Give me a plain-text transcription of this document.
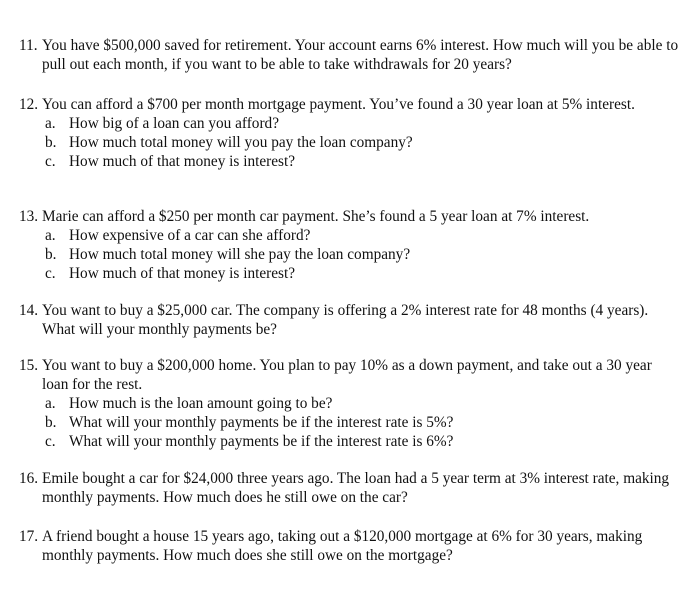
11. You have $500,000 saved for retirement. Your account earns 6% interest. How much will you be able to pull out each month, if you want to be able to take withdrawals for 20 years?
12. You can afford a $700 per month mortgage payment. You’ve found a 30 year loan at 5% interest.
a. How big of a loan can you afford?
b. How much total money will you pay the loan company?
c. How much of that money is interest?
13. Marie can afford a $250 per month car payment. She’s found a 5 year loan at 7% interest.
a. How expensive of a car can she afford?
b. How much total money will she pay the loan company?
c. How much of that money is interest?
14. You want to buy a $25,000 car. The company is offering a 2% interest rate for 48 months (4 years). What will your monthly payments be?
15. You want to buy a $200,000 home. You plan to pay 10% as a down payment, and take out a 30 year loan for the rest.
a. How much is the loan amount going to be?
b. What will your monthly payments be if the interest rate is 5%?
c. What will your monthly payments be if the interest rate is 6%?
16. Emile bought a car for $24,000 three years ago. The loan had a 5 year term at 3% interest rate, making monthly payments. How much does he still owe on the car?
17. A friend bought a house 15 years ago, taking out a $120,000 mortgage at 6% for 30 years, making monthly payments. How much does she still owe on the mortgage?
